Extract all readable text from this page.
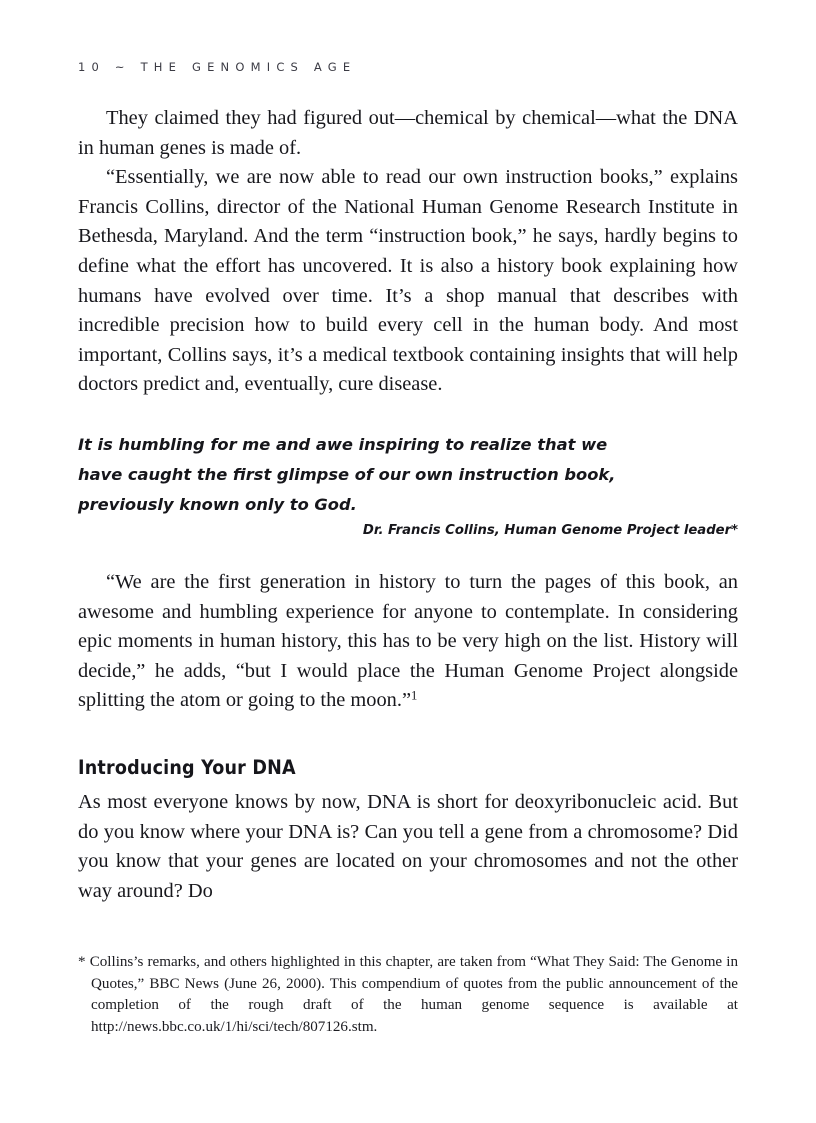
10 ~ THE GENOMICS AGE

They claimed they had figured out—chemical by chemical—what the DNA in human genes is made of.

“Essentially, we are now able to read our own instruction books,” explains Francis Collins, director of the National Human Genome Research Institute in Bethesda, Maryland. And the term “instruction book,” he says, hardly begins to define what the effort has uncovered. It is also a history book explaining how humans have evolved over time. It’s a shop manual that describes with incredible precision how to build every cell in the human body. And most important, Collins says, it’s a medical textbook containing insights that will help doctors predict and, eventually, cure disease.

It is humbling for me and awe inspiring to realize that we
have caught the first glimpse of our own instruction book,
previously known only to God.
Dr. Francis Collins, Human Genome Project leader*

“We are the first generation in history to turn the pages of this book, an awesome and humbling experience for anyone to contemplate. In considering epic moments in human history, this has to be very high on the list. History will decide,” he adds, “but I would place the Human Genome Project alongside splitting the atom or going to the moon.”$^1$

Introducing Your DNA

As most everyone knows by now, DNA is short for deoxyribonucleic acid. But do you know where your DNA is? Can you tell a gene from a chromosome? Did you know that your genes are located on your chromosomes and not the other way around? Do

* Collins’s remarks, and others highlighted in this chapter, are taken from “What They Said: The Genome in Quotes,” BBC News (June 26, 2000). This compendium of quotes from the public announcement of the completion of the rough draft of the human genome sequence is available at http://news.bbc.co.uk/1/hi/sci/tech/807126.stm.
